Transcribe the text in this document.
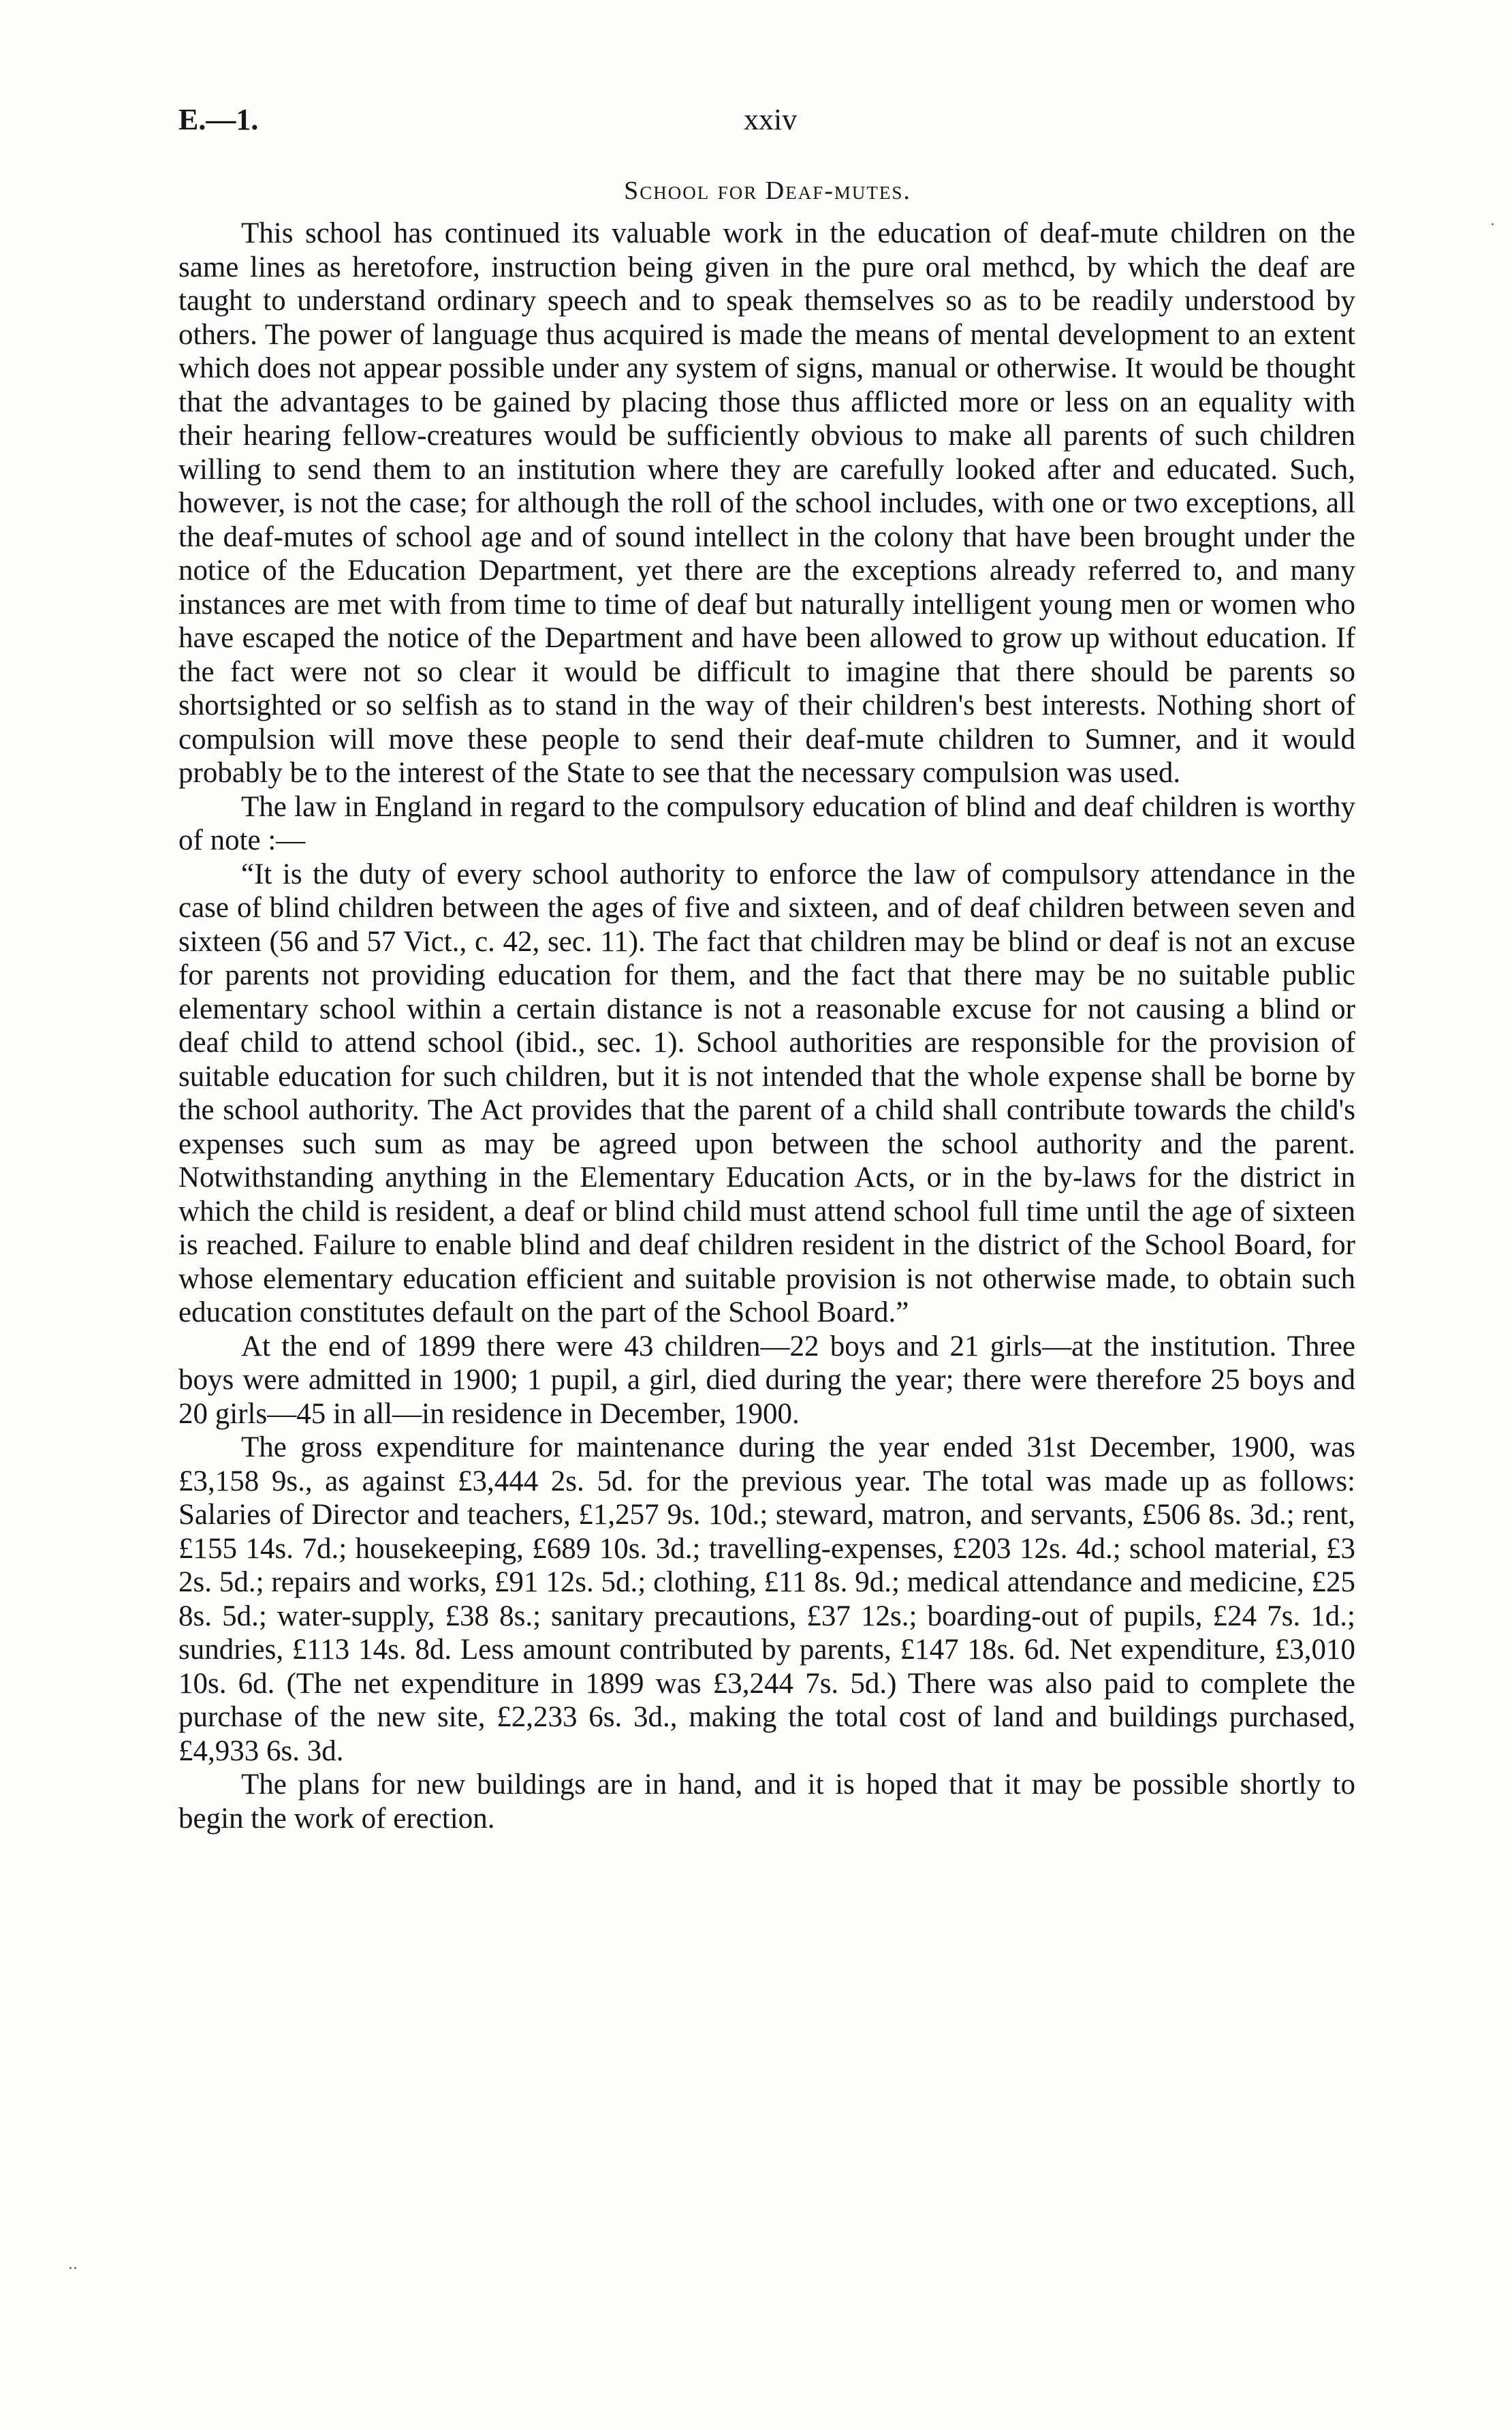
E.—1.	xxiv
School for Deaf-mutes.

This school has continued its valuable work in the education of deaf-mute children on the same lines as heretofore, instruction being given in the pure oral methcd, by which the deaf are taught to understand ordinary speech and to speak themselves so as to be readily understood by others. The power of language thus acquired is made the means of mental development to an extent which does not appear possible under any system of signs, manual or otherwise. It would be thought that the advantages to be gained by placing those thus afflicted more or less on an equality with their hearing fellow-creatures would be sufficiently obvious to make all parents of such children willing to send them to an institution where they are carefully looked after and educated. Such, however, is not the case; for although the roll of the school includes, with one or two exceptions, all the deaf-mutes of school age and of sound intellect in the colony that have been brought under the notice of the Education Department, yet there are the exceptions already referred to, and many instances are met with from time to time of deaf but naturally intelligent young men or women who have escaped the notice of the Department and have been allowed to grow up without education. If the fact were not so clear it would be difficult to imagine that there should be parents so shortsighted or so selfish as to stand in the way of their children's best interests. Nothing short of compulsion will move these people to send their deaf-mute children to Sumner, and it would probably be to the interest of the State to see that the necessary compulsion was used.

The law in England in regard to the compulsory education of blind and deaf children is worthy of note :—

“It is the duty of every school authority to enforce the law of compulsory attendance in the case of blind children between the ages of five and sixteen, and of deaf children between seven and sixteen (56 and 57 Vict., c. 42, sec. 11). The fact that children may be blind or deaf is not an excuse for parents not providing education for them, and the fact that there may be no suitable public elementary school within a certain distance is not a reasonable excuse for not causing a blind or deaf child to attend school (ibid., sec. 1). School authorities are responsible for the provision of suitable education for such children, but it is not intended that the whole expense shall be borne by the school authority. The Act provides that the parent of a child shall contribute towards the child's expenses such sum as may be agreed upon between the school authority and the parent. Notwithstanding anything in the Elementary Education Acts, or in the by-laws for the district in which the child is resident, a deaf or blind child must attend school full time until the age of sixteen is reached. Failure to enable blind and deaf children resident in the district of the School Board, for whose elementary education efficient and suitable provision is not otherwise made, to obtain such education constitutes default on the part of the School Board.”

At the end of 1899 there were 43 children—22 boys and 21 girls—at the institution. Three boys were admitted in 1900; 1 pupil, a girl, died during the year; there were therefore 25 boys and 20 girls—45 in all—in residence in December, 1900.

The gross expenditure for maintenance during the year ended 31st December, 1900, was £3,158 9s., as against £3,444 2s. 5d. for the previous year. The total was made up as follows: Salaries of Director and teachers, £1,257 9s. 10d.; steward, matron, and servants, £506 8s. 3d.; rent, £155 14s. 7d.; housekeeping, £689 10s. 3d.; travelling-expenses, £203 12s. 4d.; school material, £3 2s. 5d.; repairs and works, £91 12s. 5d.; clothing, £11 8s. 9d.; medical attendance and medicine, £25 8s. 5d.; water-supply, £38 8s.; sanitary precautions, £37 12s.; boarding-out of pupils, £24 7s. 1d.; sundries, £113 14s. 8d. Less amount contributed by parents, £147 18s. 6d. Net expenditure, £3,010 10s. 6d. (The net expenditure in 1899 was £3,244 7s. 5d.) There was also paid to complete the purchase of the new site, £2,233 6s. 3d., making the total cost of land and buildings purchased, £4,933 6s. 3d.

The plans for new buildings are in hand, and it is hoped that it may be possible shortly to begin the work of erection.

·
··
